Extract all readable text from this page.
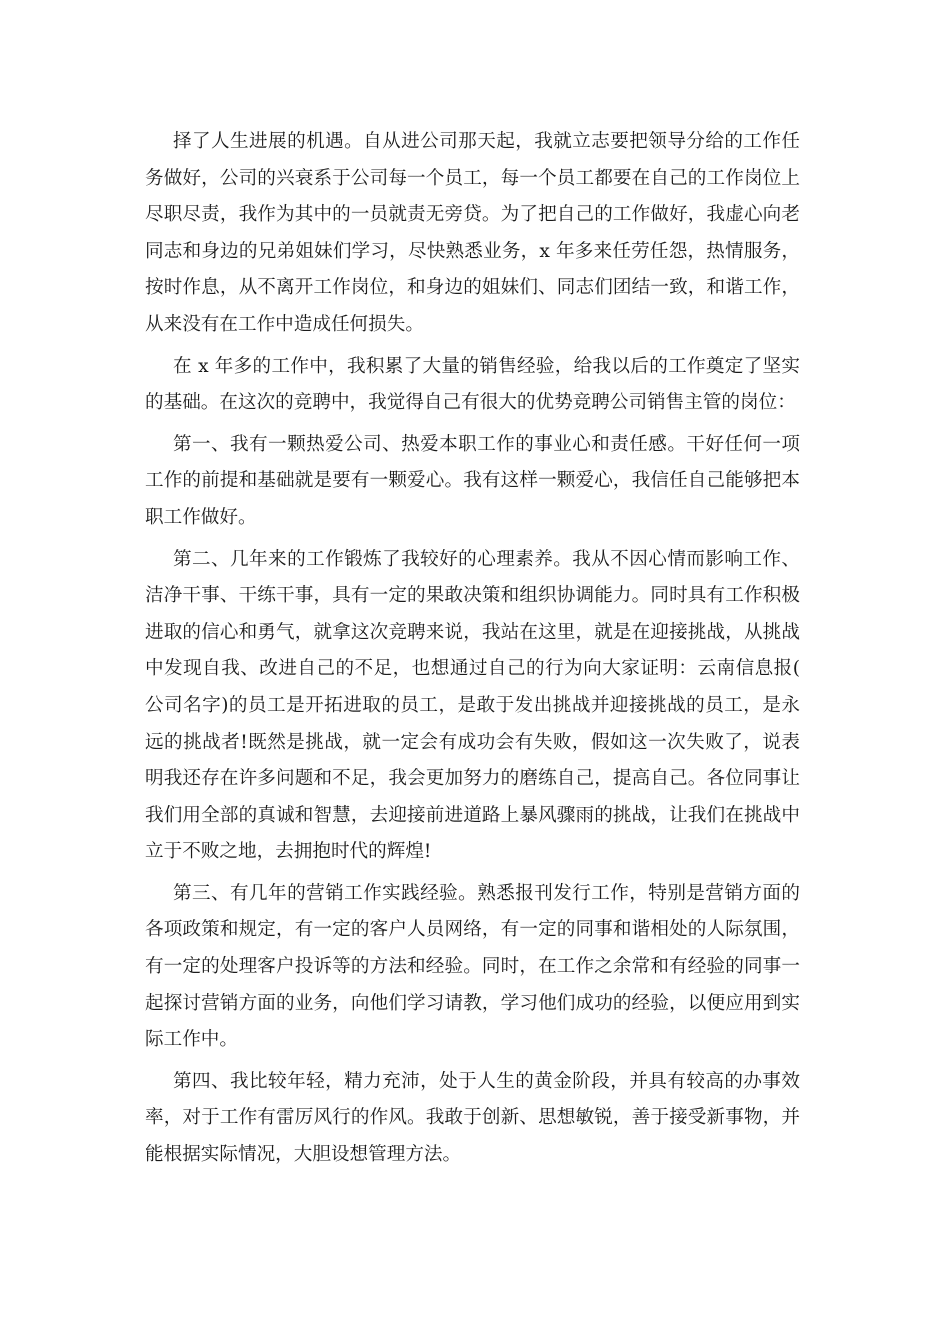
择了人生进展的机遇。自从进公司那天起，我就立志要把领导分给的工作任务做好，公司的兴衰系于公司每一个员工，每一个员工都要在自己的工作岗位上尽职尽责，我作为其中的一员就责无旁贷。为了把自己的工作做好，我虚心向老同志和身边的兄弟姐妹们学习，尽快熟悉业务，x 年多来任劳任怨，热情服务，按时作息，从不离开工作岗位，和身边的姐妹们、同志们团结一致，和谐工作，从来没有在工作中造成任何损失。

在 x 年多的工作中，我积累了大量的销售经验，给我以后的工作奠定了坚实的基础。在这次的竞聘中，我觉得自己有很大的优势竞聘公司销售主管的岗位：

第一、我有一颗热爱公司、热爱本职工作的事业心和责任感。干好任何一项工作的前提和基础就是要有一颗爱心。我有这样一颗爱心，我信任自己能够把本职工作做好。

第二、几年来的工作锻炼了我较好的心理素养。我从不因心情而影响工作、洁净干事、干练干事，具有一定的果敢决策和组织协调能力。同时具有工作积极进取的信心和勇气，就拿这次竞聘来说，我站在这里，就是在迎接挑战，从挑战中发现自我、改进自己的不足，也想通过自己的行为向大家证明：云南信息报(公司名字)的员工是开拓进取的员工，是敢于发出挑战并迎接挑战的员工，是永远的挑战者!既然是挑战，就一定会有成功会有失败，假如这一次失败了，说表明我还存在许多问题和不足，我会更加努力的磨练自己，提高自己。各位同事让我们用全部的真诚和智慧，去迎接前进道路上暴风骤雨的挑战，让我们在挑战中立于不败之地，去拥抱时代的辉煌!

第三、有几年的营销工作实践经验。熟悉报刊发行工作，特别是营销方面的各项政策和规定，有一定的客户人员网络，有一定的同事和谐相处的人际氛围，有一定的处理客户投诉等的方法和经验。同时，在工作之余常和有经验的同事一起探讨营销方面的业务，向他们学习请教，学习他们成功的经验，以便应用到实际工作中。

第四、我比较年轻，精力充沛，处于人生的黄金阶段，并具有较高的办事效率，对于工作有雷厉风行的作风。我敢于创新、思想敏锐，善于接受新事物，并能根据实际情况，大胆设想管理方法。
